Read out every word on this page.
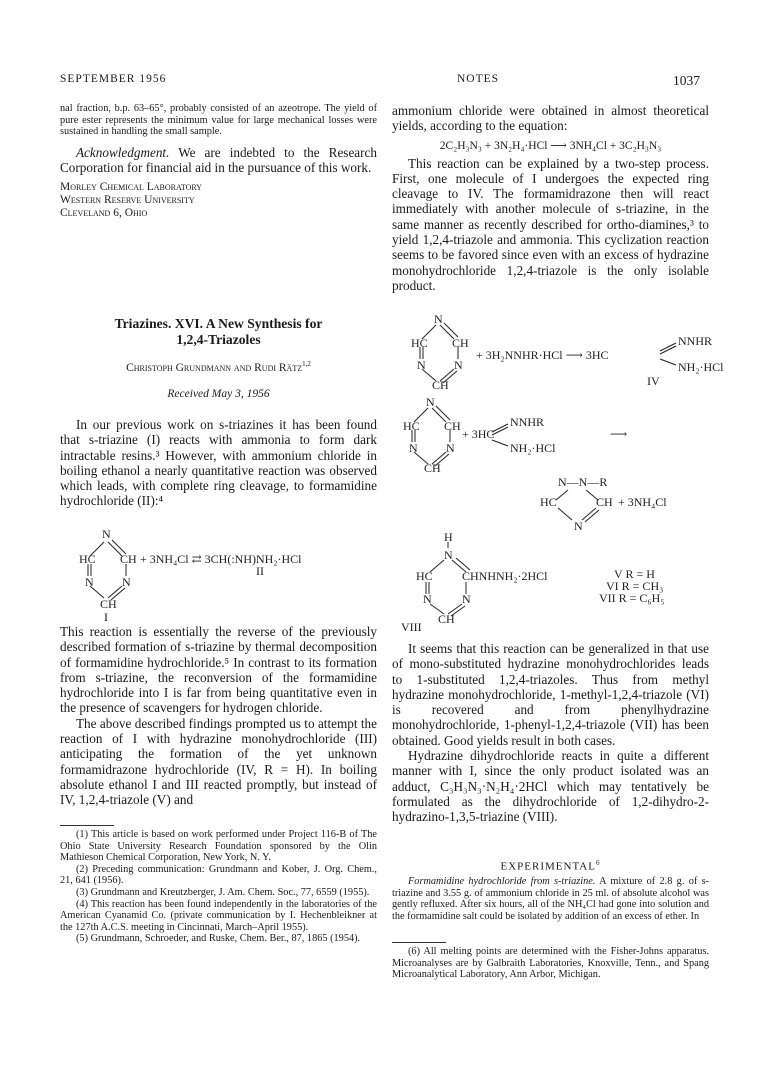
SEPTEMBER 1956	NOTES	1037

nal fraction, b.p. 63–65°, probably consisted of an azeotrope. The yield of pure ester represents the minimum value for large mechanical losses were sustained in handling the small sample.

Acknowledgment. We are indebted to the Research Corporation for financial aid in the pursuance of this work.

Morley Chemical Laboratory
Western Reserve University
Cleveland 6, Ohio
Triazines. XVI. A New Synthesis for
1,2,4-Triazoles
Christoph Grundmann and Rudi Rätz$^{1,2}$
Received May 3, 1956

In our previous work on s-triazines it has been found that s-triazine (I) reacts with ammonia to form dark intractable resins.³ However, with ammonium chloride in boiling ethanol a nearly quantitative reaction was observed which leads, with complete ring cleavage, to formamidine hydrochloride (II):⁴

N
HC CH
N N
CH
+ 3NH₄Cl ⇄ 3CH(:NH)NH₂·HCl
II
I

This reaction is essentially the reverse of the previously described formation of s-triazine by thermal decomposition of formamidine hydrochloride.⁵ In contrast to its formation from s-triazine, the reconversion of the formamidine hydrochloride into I is far from being quantitative even in the presence of scavengers for hydrogen chloride.

The above described findings prompted us to attempt the reaction of I with hydrazine monohydrochloride (III) anticipating the formation of the yet unknown formamidrazone hydrochloride (IV, R = H). In boiling absolute ethanol I and III reacted promptly, but instead of IV, 1,2,4-triazole (V) and

(1) This article is based on work performed under Project 116-B of The Ohio State University Research Foundation sponsored by the Olin Mathieson Chemical Corporation, New York, N. Y.

(2) Preceding communication: Grundmann and Kober, J. Org. Chem., 21, 641 (1956).

(3) Grundmann and Kreutzberger, J. Am. Chem. Soc., 77, 6559 (1955).

(4) This reaction has been found independently in the laboratories of the American Cyanamid Co. (private communication by I. Hechenbleikner at the 127th A.C.S. meeting in Cincinnati, March–April 1955).

(5) Grundmann, Schroeder, and Ruske, Chem. Ber., 87, 1865 (1954).

ammonium chloride were obtained in almost theoretical yields, according to the equation:

2C₂H₃N₃ + 3N₂H₄·HCl ⟶ 3NH₄Cl + 3C₂H₃N₃

This reaction can be explained by a two-step process. First, one molecule of I undergoes the expected ring cleavage to IV. The formamidrazone then will react immediately with another molecule of s-triazine, in the same manner as recently described for ortho-diamines,³ to yield 1,2,4-triazole and ammonia. This cyclization reaction seems to be favored since even with an excess of hydrazine monohydrochloride 1,2,4-triazole is the only isolable product.

N
HC CH
N N
CH
+ 3H₂NNHR·HCl ⟶ 3HC
NNHR
NH₂·HCl
IV
N
HC CH
N N
CH
+ 3HC
NNHR
NH₂·HCl
⟶
N—N—R
HC	CH + 3NH₄Cl
N
H
N
HC CHNHNH₂·2HCl
N	N
CH
V R = H
VI R = CH₃
VII R = C₆H₅
VIII

It seems that this reaction can be generalized in that use of mono-substituted hydrazine monohydrochlorides leads to 1-substituted 1,2,4-triazoles. Thus from methyl hydrazine monohydrochloride, 1-methyl-1,2,4-triazole (VI) is recovered and from phenylhydrazine monohydrochloride, 1-phenyl-1,2,4-triazole (VII) has been obtained. Good yields result in both cases.

Hydrazine dihydrochloride reacts in quite a different manner with I, since the only product isolated was an adduct, C₃H₃N₃·N₂H₄·2HCl which may tentatively be formulated as the dihydrochloride of 1,2-dihydro-2-hydrazino-1,3,5-triazine (VIII).

EXPERIMENTAL$^6$

Formamidine hydrochloride from s-triazine. A mixture of 2.8 g. of s-triazine and 3.55 g. of ammonium chloride in 25 ml. of absolute alcohol was gently refluxed. After six hours, all of the NH₄Cl had gone into solution and the formamidine salt could be isolated by addition of an excess of ether. In

(6) All melting points are determined with the Fisher-Johns apparatus. Microanalyses are by Galbraith Laboratories, Knoxville, Tenn., and Spang Microanalytical Laboratory, Ann Arbor, Michigan.
